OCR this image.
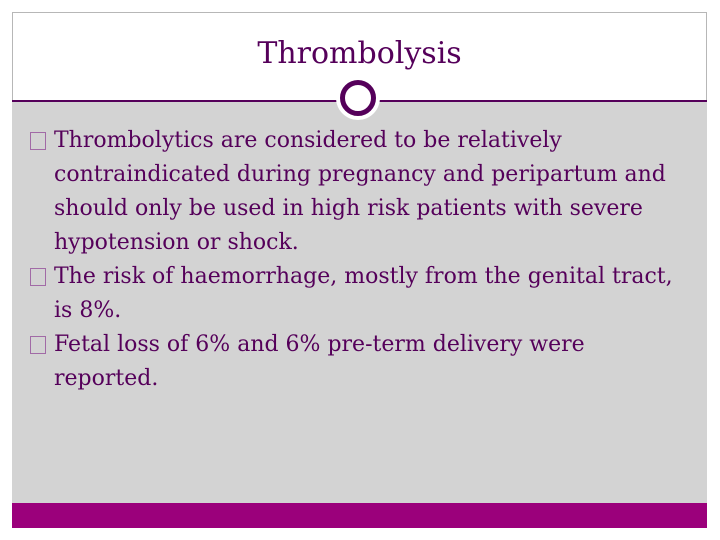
Thrombolysis
Thrombolytics are considered to be relatively contraindicated during pregnancy and peripartum and should only be used in high risk patients with severe hypotension or shock.
The risk of haemorrhage, mostly from the genital tract, is 8%.
Fetal loss of 6% and 6% pre-term delivery were reported.
